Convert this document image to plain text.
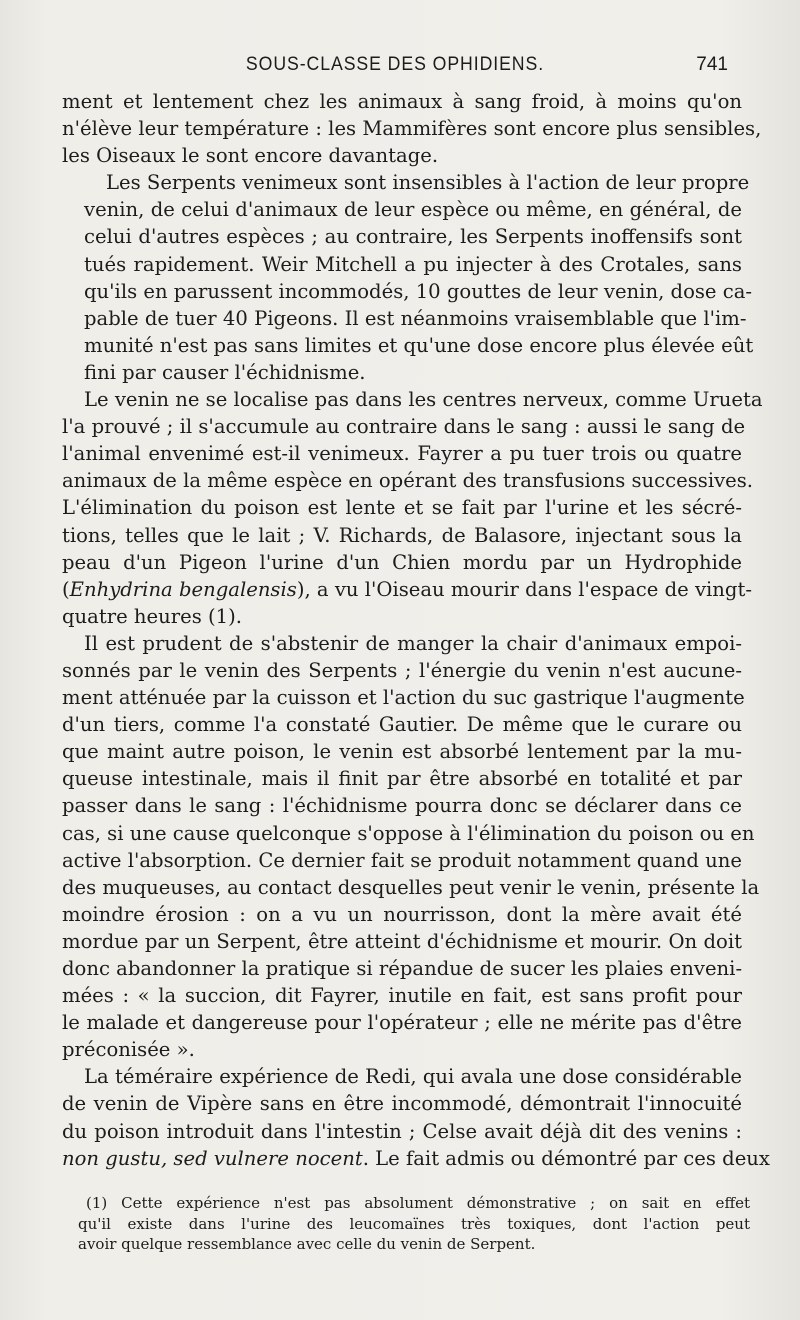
SOUS-CLASSE DES OPHIDIENS.	741

ment et lentement chez les animaux à sang froid, à moins qu'on
n'élève leur température : les Mammifères sont encore plus sensibles,
les Oiseaux le sont encore davantage.

Les Serpents venimeux sont insensibles à l'action de leur propre
venin, de celui d'animaux de leur espèce ou même, en général, de
celui d'autres espèces ; au contraire, les Serpents inoffensifs sont
tués rapidement. Weir Mitchell a pu injecter à des Crotales, sans
qu'ils en parussent incommodés, 10 gouttes de leur venin, dose ca-
pable de tuer 40 Pigeons. Il est néanmoins vraisemblable que l'im-
munité n'est pas sans limites et qu'une dose encore plus élevée eût
fini par causer l'échidnisme.

Le venin ne se localise pas dans les centres nerveux, comme Urueta
l'a prouvé ; il s'accumule au contraire dans le sang : aussi le sang de
l'animal envenimé est-il venimeux. Fayrer a pu tuer trois ou quatre
animaux de la même espèce en opérant des transfusions successives.
L'élimination du poison est lente et se fait par l'urine et les sécré-
tions, telles que le lait ; V. Richards, de Balasore, injectant sous la
peau d'un Pigeon l'urine d'un Chien mordu par un Hydrophide
(Enhydrina bengalensis), a vu l'Oiseau mourir dans l'espace de vingt-
quatre heures (1).

Il est prudent de s'abstenir de manger la chair d'animaux empoi-
sonnés par le venin des Serpents ; l'énergie du venin n'est aucune-
ment atténuée par la cuisson et l'action du suc gastrique l'augmente
d'un tiers, comme l'a constaté Gautier. De même que le curare ou
que maint autre poison, le venin est absorbé lentement par la mu-
queuse intestinale, mais il finit par être absorbé en totalité et par
passer dans le sang : l'échidnisme pourra donc se déclarer dans ce
cas, si une cause quelconque s'oppose à l'élimination du poison ou en
active l'absorption. Ce dernier fait se produit notamment quand une
des muqueuses, au contact desquelles peut venir le venin, présente la
moindre érosion : on a vu un nourrisson, dont la mère avait été
mordue par un Serpent, être atteint d'échidnisme et mourir. On doit
donc abandonner la pratique si répandue de sucer les plaies enveni-
mées : « la succion, dit Fayrer, inutile en fait, est sans profit pour
le malade et dangereuse pour l'opérateur ; elle ne mérite pas d'être
préconisée ».

La téméraire expérience de Redi, qui avala une dose considérable
de venin de Vipère sans en être incommodé, démontrait l'innocuité
du poison introduit dans l'intestin ; Celse avait déjà dit des venins :
non gustu, sed vulnere nocent. Le fait admis ou démontré par ces deux

(1) Cette expérience n'est pas absolument démonstrative ; on sait en effet
qu'il existe dans l'urine des leucomaïnes très toxiques, dont l'action peut
avoir quelque ressemblance avec celle du venin de Serpent.
